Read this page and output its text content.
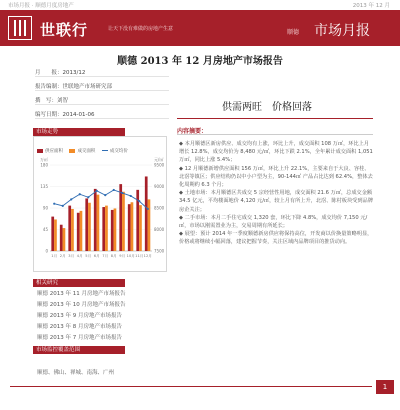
市场月报 · 顺德月度房地产	2013 年 12 月
世联行	让天下没有难做的房地产生意	顺德 市场月报
顺德 2013 年 12 月房地产市场报告
月　　报：2013/12
报告编制：世联地产市场研究部
撰　写：刘智
编写日期：2014-01-06
供需两旺　价格回落
市场走势
0	7500
45	8000
90	8500
135	9000
180	9500
1月 2月 3月 4月 5月 6月 7月 8月 9月 10月 11月 12月
万㎡	元/㎡
供应面积	成交面积	成交均价
相关研究
顺德 2013 年 11 月房地产市场报告
顺德 2013 年 10 月房地产市场报告
顺德 2013 年 9 月房地产市场报告
顺德 2013 年 8 月房地产市场报告
顺德 2013 年 7 月房地产市场报告
市场监控覆盖范围
顺德、佛山、禅城、南海、广州
内容摘要：

◆ 本月顺德区新房供应、成交均有上涨，环比上升，成交面积 108 万㎡，环比上月增长 12.8%，成交均价为 8,480 元/㎡，环比下跌 2.1%，全年累计成交面积 1,051 万㎡，同比上涨 5.4%；

◆ 12 月顺德新增供应面积 156 万㎡，环比上升 22.1%，主要来自于大良、容桂、北滘等镇区；供应结构仍以中小户型为主，90-144㎡ 产品占比达到 62.4%，整体去化周期约 6.3 个月；

◆ 土地市场：本月顺德区共成交 5 宗经营性用地，成交面积 21.6 万㎡，总成交金额 34.5 亿元，平均楼面地价 4,120 元/㎡，较上月有所上升，北滘、陈村板块受到品牌房企关注；

◆ 二手市场：本月二手住宅成交 1,320 套，环比下降 4.8%，成交均价 7,150 元/㎡，市场以刚需置业为主，交易周期有所延长；

◆ 展望：预计 2014 年一季度顺德新房供应将保持高位，开发商以价换量策略明显，价格或将继续小幅回落，建议把握节奏，关注区域内品牌项目的推货动向。

1
